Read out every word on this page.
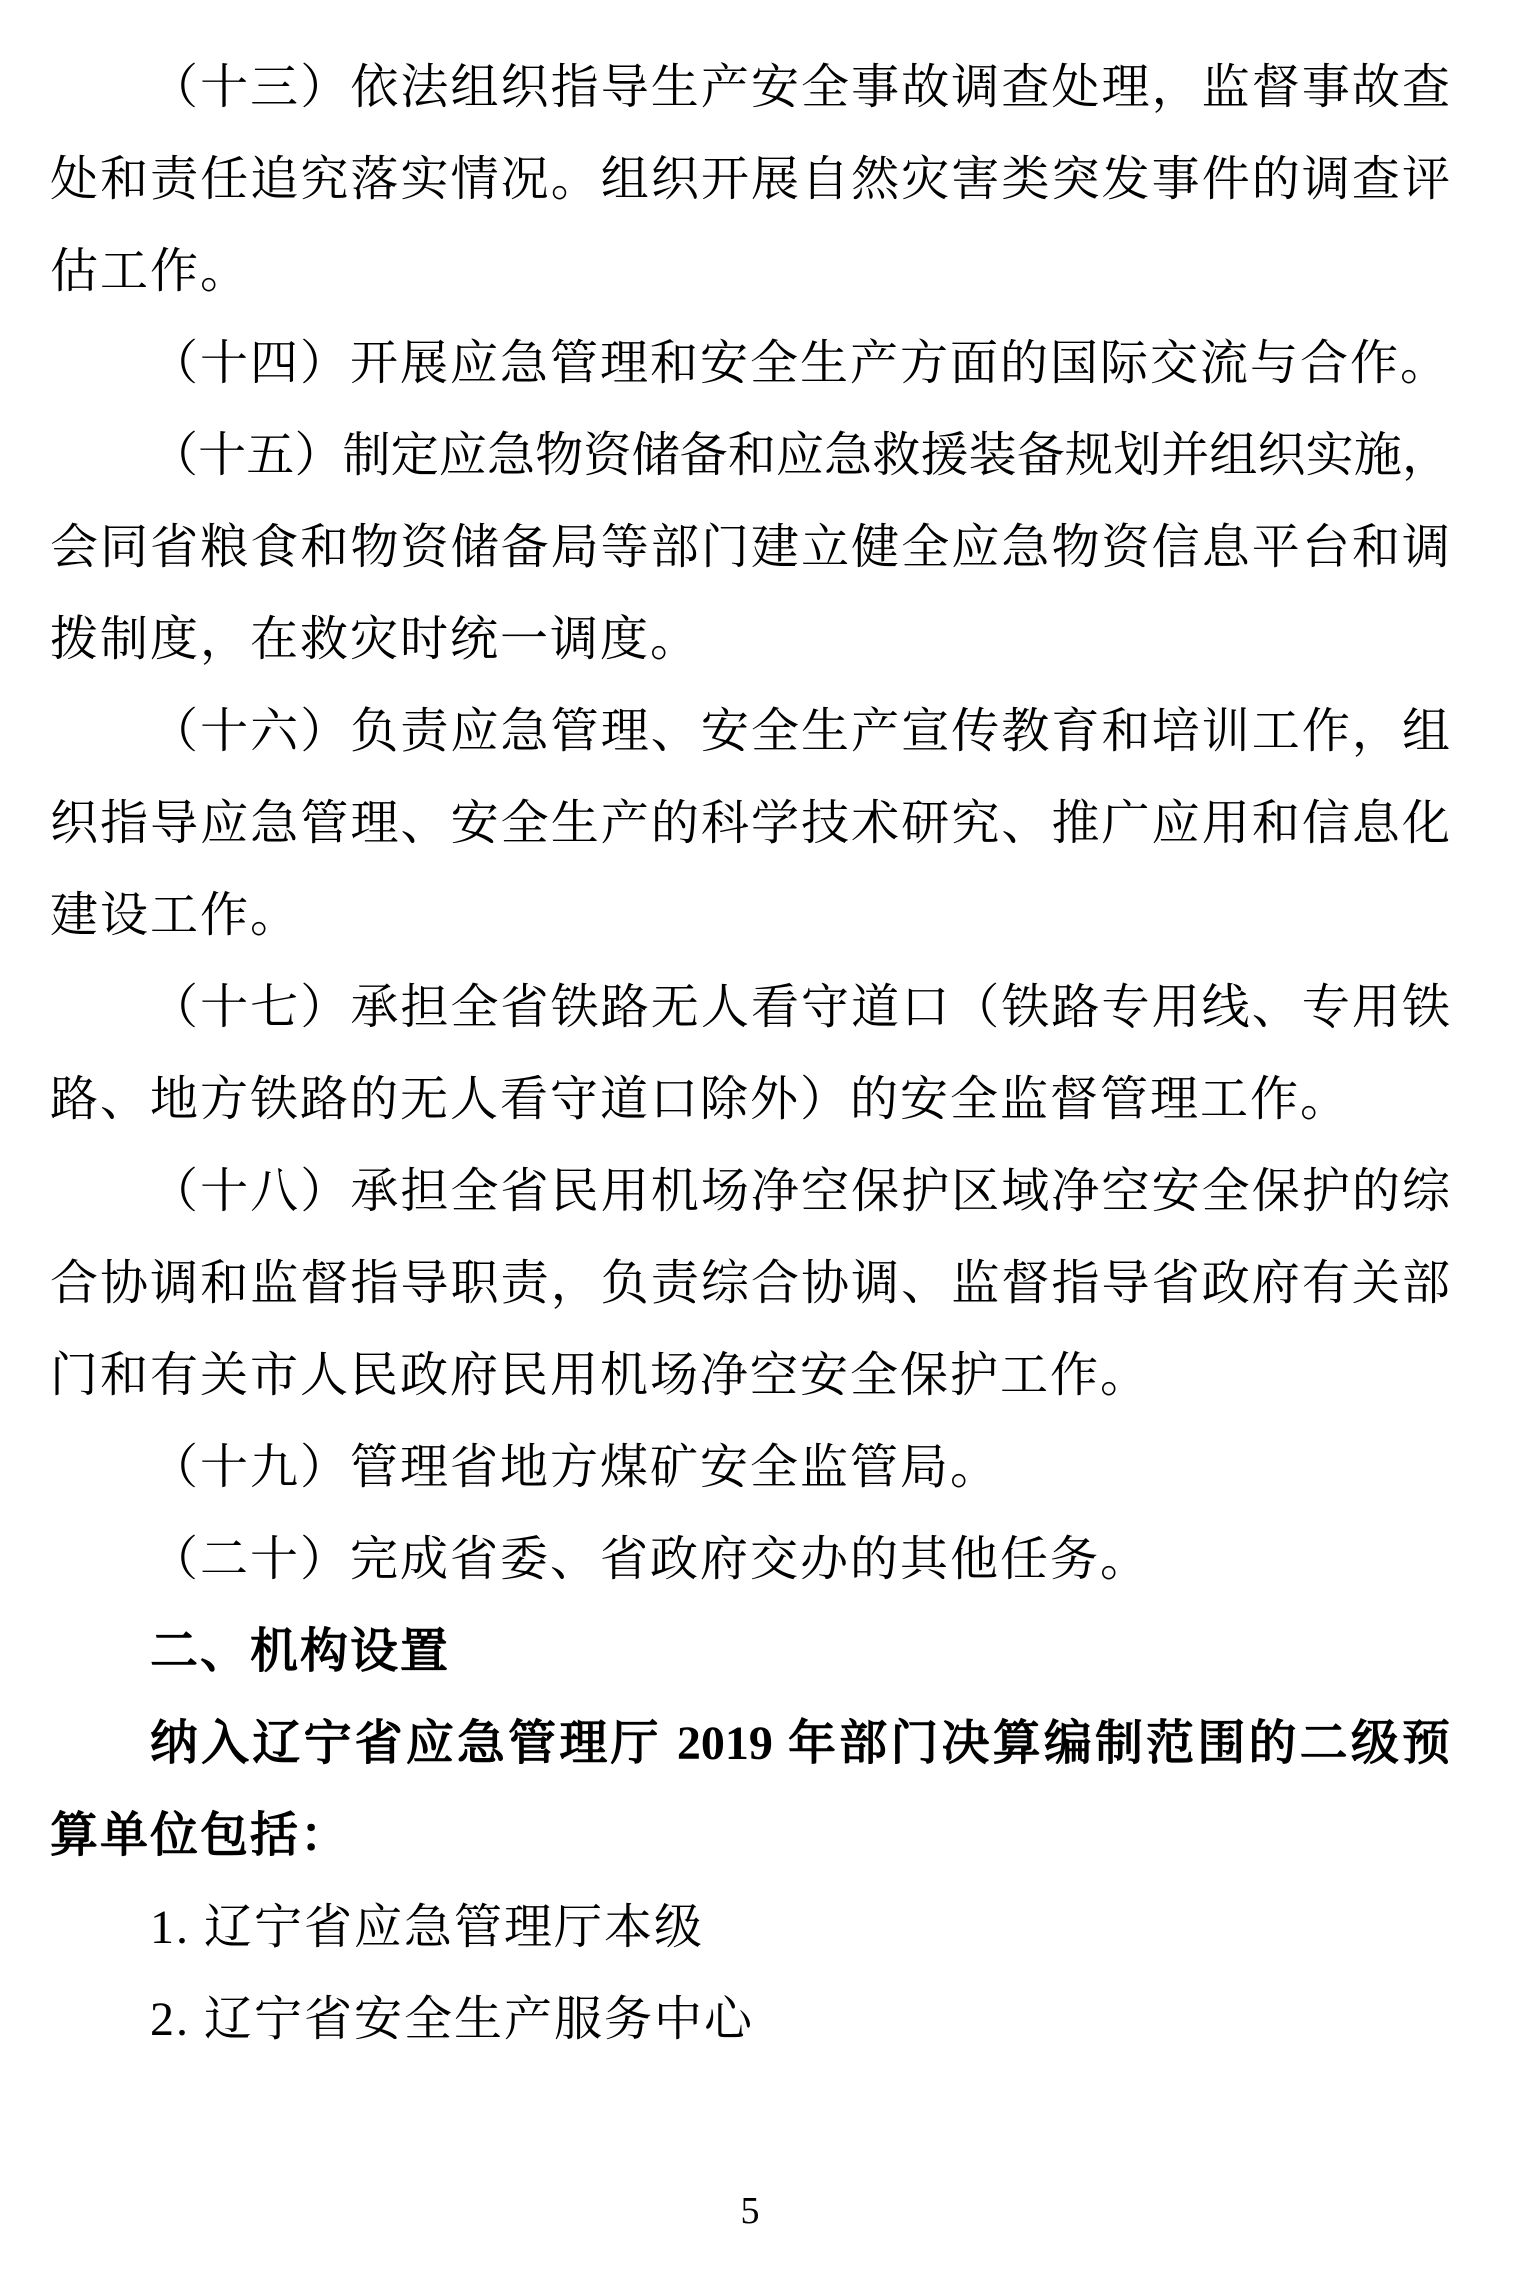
（十三）依法组织指导生产安全事故调查处理，监督事故查
处和责任追究落实情况。组织开展自然灾害类突发事件的调查评
估工作。
（十四）开展应急管理和安全生产方面的国际交流与合作。
（十五）制定应急物资储备和应急救援装备规划并组织实施，
会同省粮食和物资储备局等部门建立健全应急物资信息平台和调
拨制度，在救灾时统一调度。
（十六）负责应急管理、安全生产宣传教育和培训工作，组
织指导应急管理、安全生产的科学技术研究、推广应用和信息化
建设工作。
（十七）承担全省铁路无人看守道口（铁路专用线、专用铁
路、地方铁路的无人看守道口除外）的安全监督管理工作。
（十八）承担全省民用机场净空保护区域净空安全保护的综
合协调和监督指导职责，负责综合协调、监督指导省政府有关部
门和有关市人民政府民用机场净空安全保护工作。
（十九）管理省地方煤矿安全监管局。
（二十）完成省委、省政府交办的其他任务。
二、机构设置
纳入辽宁省应急管理厅 2019 年部门决算编制范围的二级预
算单位包括：
1. 辽宁省应急管理厅本级
2. 辽宁省安全生产服务中心
5
